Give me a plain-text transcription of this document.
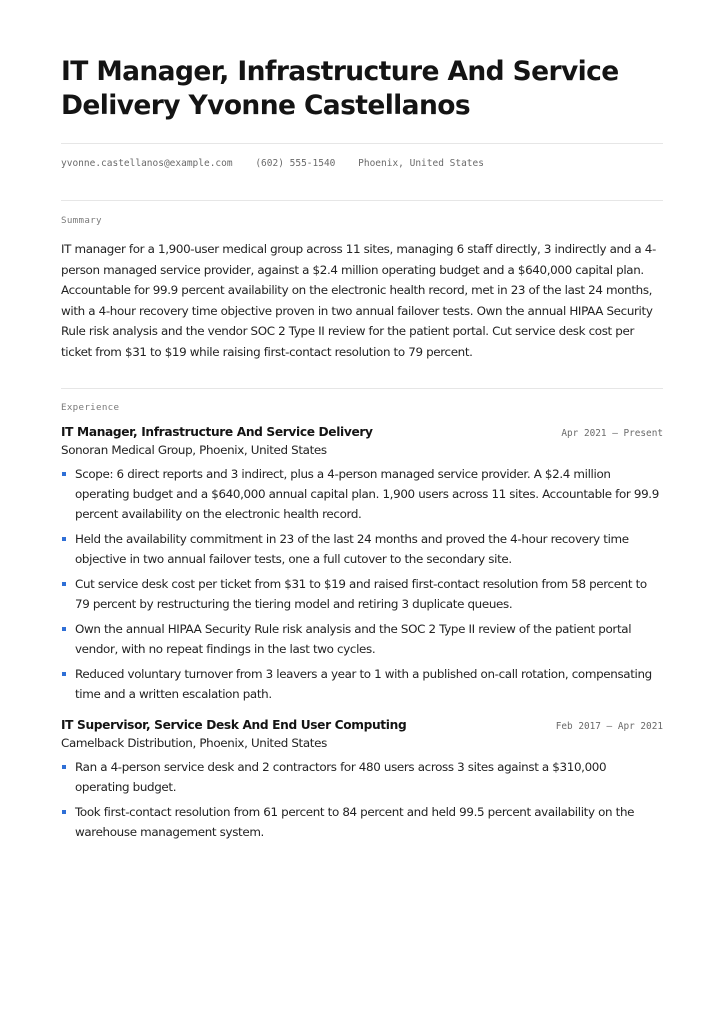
IT Manager, Infrastructure And Service Delivery Yvonne Castellanos
yvonne.castellanos@example.com (602) 555-1540 Phoenix, United States
Summary
IT manager for a 1,900-user medical group across 11 sites, managing 6 staff directly, 3 indirectly and a 4-person managed service provider, against a $2.4 million operating budget and a $640,000 capital plan. Accountable for 99.9 percent availability on the electronic health record, met in 23 of the last 24 months, with a 4-hour recovery time objective proven in two annual failover tests. Own the annual HIPAA Security Rule risk analysis and the vendor SOC 2 Type II review for the patient portal. Cut service desk cost per ticket from $31 to $19 while raising first-contact resolution to 79 percent.
Experience
IT Manager, Infrastructure And Service Delivery	Apr 2021 — Present
Sonoran Medical Group, Phoenix, United States
Scope: 6 direct reports and 3 indirect, plus a 4-person managed service provider. A $2.4 million operating budget and a $640,000 annual capital plan. 1,900 users across 11 sites. Accountable for 99.9 percent availability on the electronic health record.
Held the availability commitment in 23 of the last 24 months and proved the 4-hour recovery time objective in two annual failover tests, one a full cutover to the secondary site.
Cut service desk cost per ticket from $31 to $19 and raised first-contact resolution from 58 percent to 79 percent by restructuring the tiering model and retiring 3 duplicate queues.
Own the annual HIPAA Security Rule risk analysis and the SOC 2 Type II review of the patient portal vendor, with no repeat findings in the last two cycles.
Reduced voluntary turnover from 3 leavers a year to 1 with a published on-call rotation, compensating time and a written escalation path.
IT Supervisor, Service Desk And End User Computing	Feb 2017 — Apr 2021
Camelback Distribution, Phoenix, United States
Ran a 4-person service desk and 2 contractors for 480 users across 3 sites against a $310,000 operating budget.
Took first-contact resolution from 61 percent to 84 percent and held 99.5 percent availability on the warehouse management system.
